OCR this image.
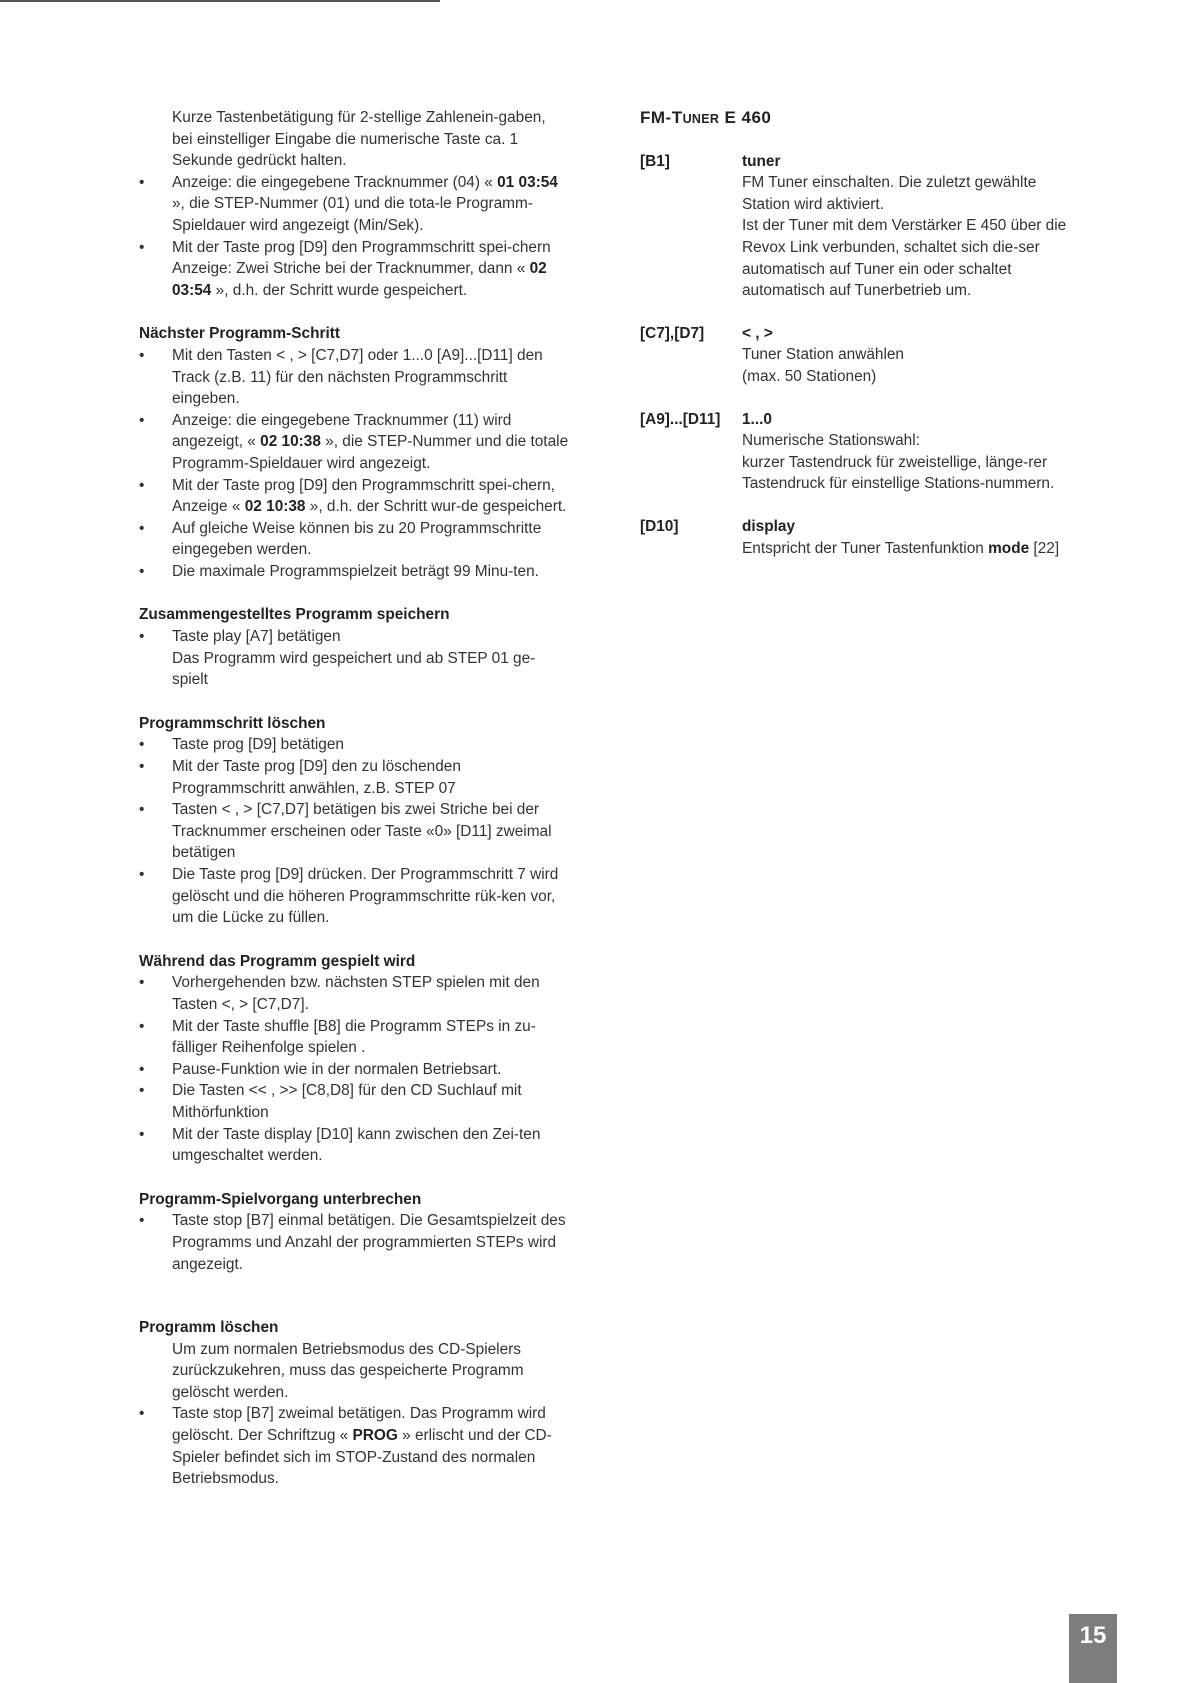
Kurze Tastenbetätigung für 2-stellige Zahlenein-gaben, bei einstelliger Eingabe die numerische Taste ca. 1 Sekunde gedrückt halten.
•	Anzeige: die eingegebene Tracknummer (04) « 01 03:54 », die STEP-Nummer (01) und die tota-le Programm-Spieldauer wird angezeigt (Min/Sek).
•	Mit der Taste prog [D9] den Programmschritt spei-chern
Anzeige: Zwei Striche bei der Tracknummer, dann « 02 03:54 », d.h. der Schritt wurde gespeichert.

Nächster Programm-Schritt

•	Mit den Tasten < , > [C7,D7] oder 1...0 [A9]...[D11] den Track (z.B. 11) für den nächsten Programmschritt eingeben.
•	Anzeige: die eingegebene Tracknummer (11) wird angezeigt, « 02 10:38 », die STEP-Nummer und die totale Programm-Spieldauer wird angezeigt.
•	Mit der Taste prog [D9] den Programmschritt spei-chern, Anzeige « 02 10:38 », d.h. der Schritt wur-de gespeichert.
•	Auf gleiche Weise können bis zu 20 Programmschritte eingegeben werden.
•	Die maximale Programmspielzeit beträgt 99 Minu-ten.

Zusammengestelltes Programm speichern

•	Taste play [A7] betätigen
Das Programm wird gespeichert und ab STEP 01 ge-spielt

Programmschritt löschen

•	Taste prog [D9] betätigen
•	Mit der Taste prog [D9] den zu löschenden Programmschritt anwählen, z.B. STEP 07
•	Tasten < , > [C7,D7] betätigen bis zwei Striche bei der Tracknummer erscheinen oder Taste «0» [D11] zweimal betätigen
•	Die Taste prog [D9] drücken. Der Programmschritt 7 wird gelöscht und die höheren Programmschritte rük-ken vor, um die Lücke zu füllen.

Während das Programm gespielt wird

•	Vorhergehenden bzw. nächsten STEP spielen mit den Tasten <, > [C7,D7].
•	Mit der Taste shuffle [B8] die Programm STEPs in zu-fälliger Reihenfolge spielen .
•	Pause-Funktion wie in der normalen Betriebsart.
•	Die Tasten << , >> [C8,D8] für den CD Suchlauf mit Mithörfunktion
•	Mit der Taste display [D10] kann zwischen den Zei-ten umgeschaltet werden.

Programm-Spielvorgang unterbrechen

•	Taste stop [B7] einmal betätigen. Die Gesamtspielzeit des Programms und Anzahl der programmierten STEPs wird angezeigt.

Programm löschen

Um zum normalen Betriebsmodus des CD-Spielers zurückzukehren, muss das gespeicherte Programm gelöscht werden.
•	Taste stop [B7] zweimal betätigen. Das Programm wird gelöscht. Der Schriftzug « PROG » erlischt und der CD-Spieler befindet sich im STOP-Zustand des normalen Betriebsmodus.

FM-TUNER E 460

[B1]	tuner
FM Tuner einschalten. Die zuletzt gewählte Station wird aktiviert.
Ist der Tuner mit dem Verstärker E 450 über die Revox Link verbunden, schaltet sich die-ser automatisch auf Tuner ein oder schaltet automatisch auf Tunerbetrieb um.
[C7],[D7]	< , >
Tuner Station anwählen
(max. 50 Stationen)
[A9]...[D11]	1...0
Numerische Stationswahl:
kurzer Tastendruck für zweistellige, länge-rer Tastendruck für einstellige Stations-nummern.
[D10]	display
Entspricht der Tuner Tastenfunktion mode [22]
15
